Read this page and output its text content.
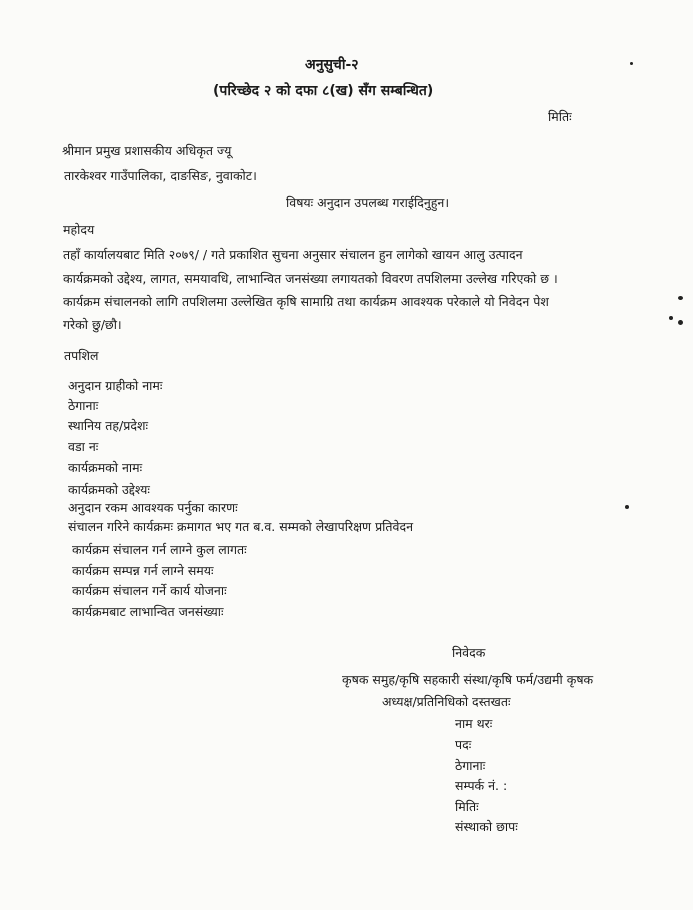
अनुसुची-२
(परिच्छेद २ को दफा ८(ख) सँग सम्बन्धित)
मितिः
श्रीमान प्रमुख प्रशासकीय अधिकृत ज्यू
तारकेश्वर गाउँपालिका, दाङसिङ, नुवाकोट।
विषयः अनुदान उपलब्ध गराईदिनुहुन।
महोदय
तहाँ कार्यालयबाट मिति २०७९/ / गते प्रकाशित सुचना अनुसार संचालन हुन लागेको खायन आलु उत्पादन
कार्यक्रमको उद्देश्य, लागत, समयावधि, लाभान्वित जनसंख्या लगायतको विवरण तपशिलमा उल्लेख गरिएको छ ।
कार्यक्रम संचालनको लागि तपशिलमा उल्लेखित कृषि सामाग्रि तथा कार्यक्रम आवश्यक परेकाले यो निवेदन पेश
गरेको छु/छौ।
तपशिल
अनुदान ग्राहीको नामः
ठेगानाः
स्थानिय तह/प्रदेशः
वडा नः
कार्यक्रमको नामः
कार्यक्रमको उद्देश्यः
अनुदान रकम आवश्यक पर्नुका कारणः
संचालन गरिने कार्यक्रमः क्रमागत भए गत ब.व. सम्मको लेखापरिक्षण प्रतिवेदन
कार्यक्रम संचालन गर्न लाग्ने कुल लागतः
कार्यक्रम सम्पन्न गर्न लाग्ने समयः
कार्यक्रम संचालन गर्ने कार्य योजनाः
कार्यक्रमबाट लाभान्वित जनसंख्याः
निवेदक
कृषक समुह/कृषि सहकारी संस्था/कृषि फर्म/उद्यमी कृषक
अध्यक्ष/प्रतिनिधिको दस्तखतः
नाम थरः
पदः
ठेगानाः
सम्पर्क नं. :
मितिः
संस्थाको छापः
